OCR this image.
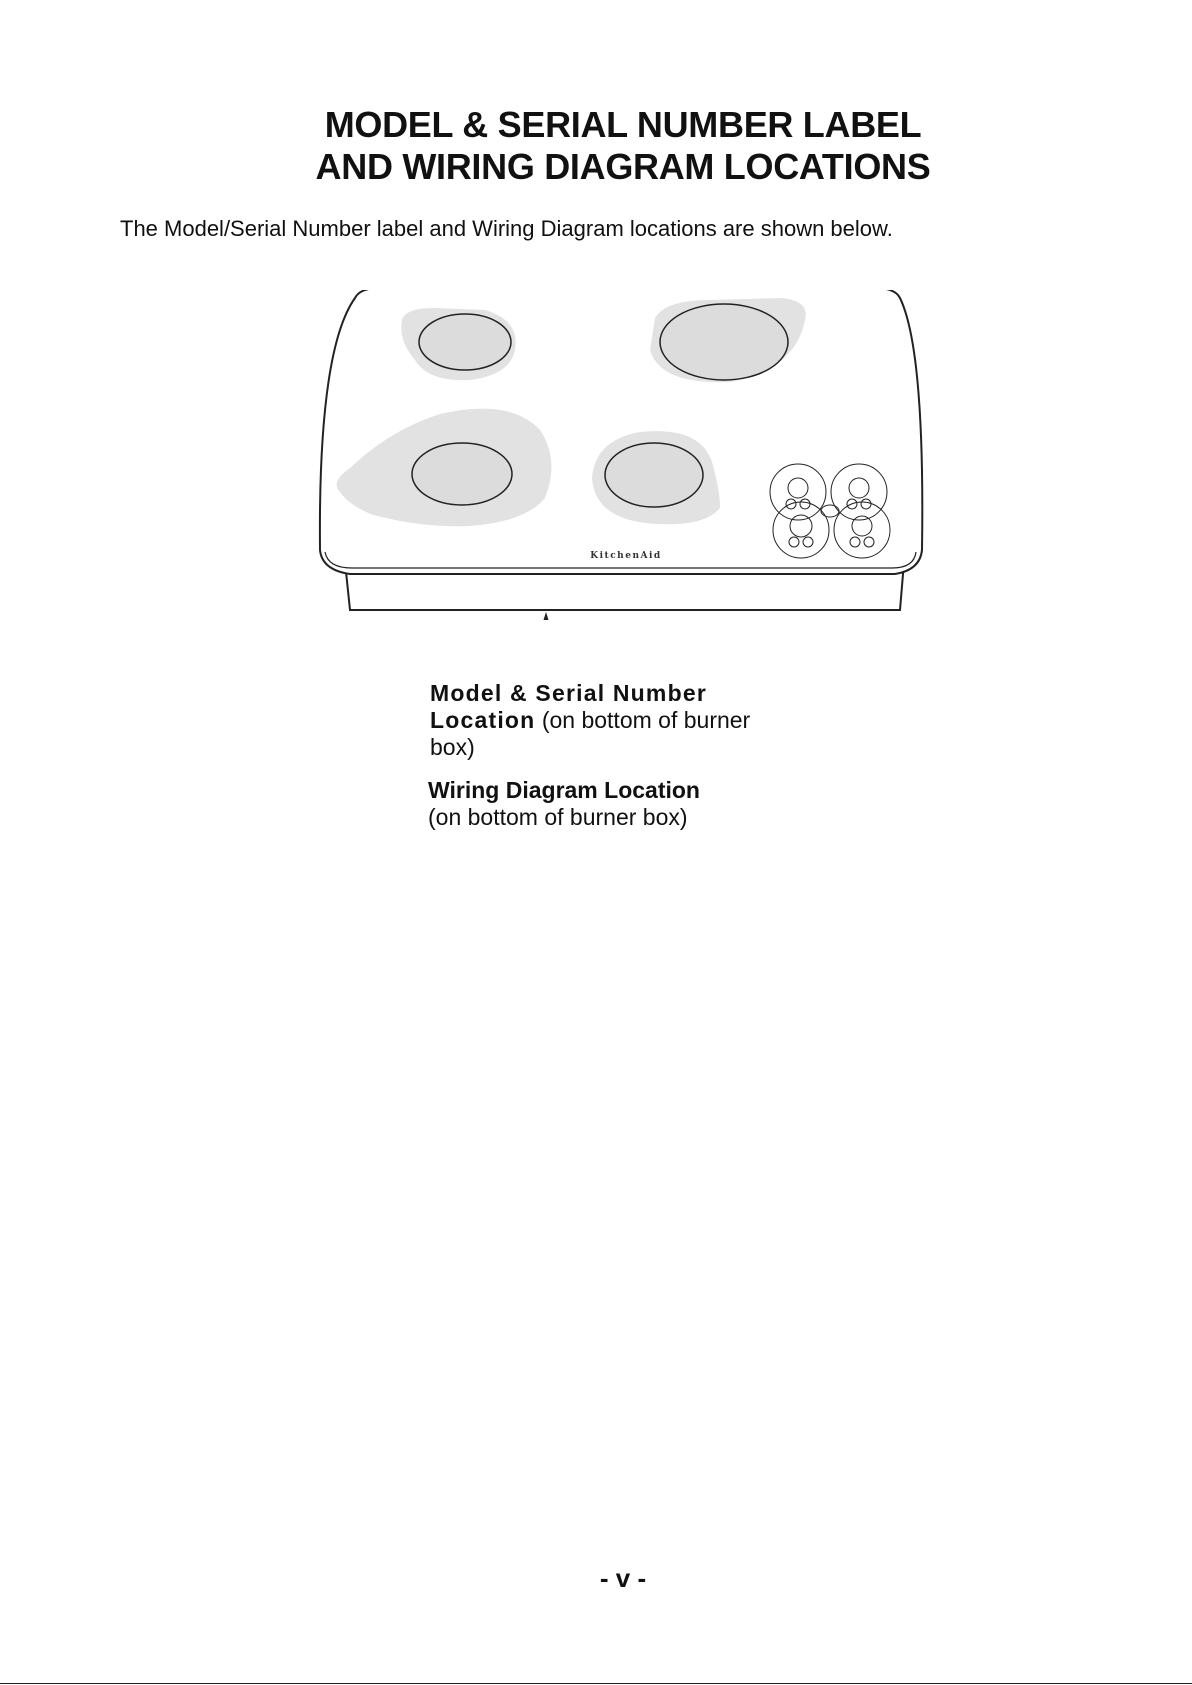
MODEL & SERIAL NUMBER LABEL
AND WIRING DIAGRAM LOCATIONS
The Model/Serial Number label and Wiring Diagram locations are shown below.
KitchenAid
Model & Serial Number
Location (on bottom of burner
box)
Wiring Diagram Location
(on bottom of burner box)
- v -
